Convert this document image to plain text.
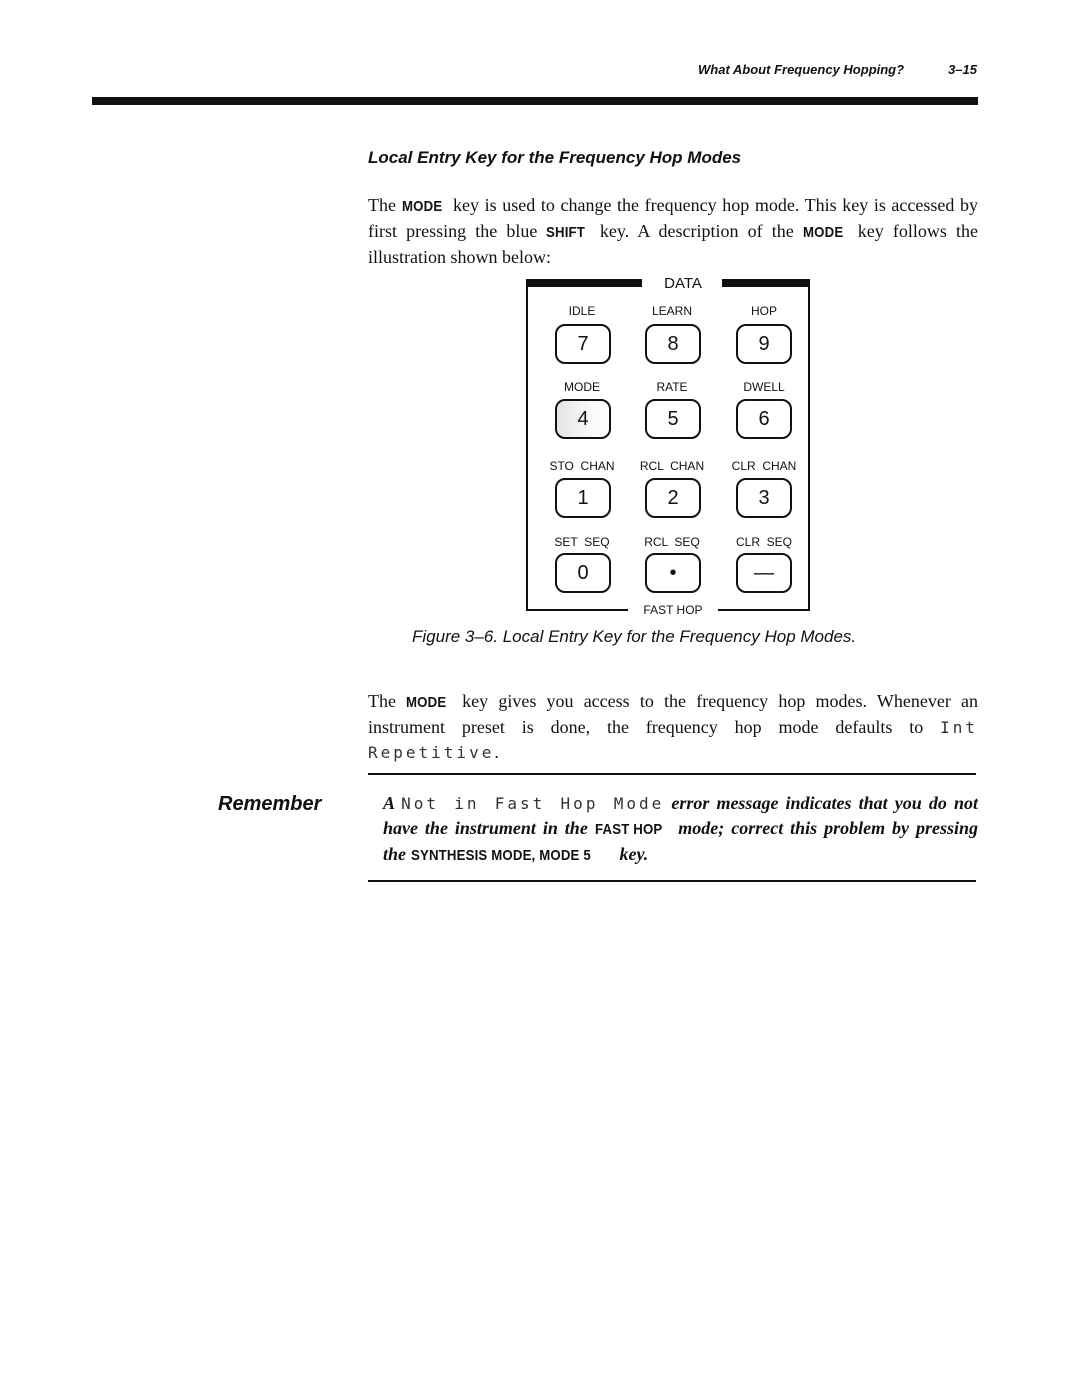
What About Frequency Hopping?	3–15
Local Entry Key for the Frequency Hop Modes
The MODE key is used to change the frequency hop mode. This key is accessed by first pressing the blue SHIFT key. A description of the MODE key follows the illustration shown below:
DATA
FAST HOP
IDLE	LEARN	HOP
7	8	9
MODE	RATE	DWELL
4	5	6
STO  CHAN	RCL  CHAN	CLR  CHAN
1	2	3
SET  SEQ	RCL  SEQ	CLR  SEQ
0	•	—
Figure 3–6. Local Entry Key for the Frequency Hop Modes.
The MODE key gives you access to the frequency hop modes. Whenever an instrument preset is done, the frequency hop mode defaults to Int Repetitive.
Remember	A Not in Fast Hop Mode error message indicates that you do not have the instrument in the FAST HOP mode; correct this problem by pressing the SYNTHESIS MODE, MODE 5 key.
